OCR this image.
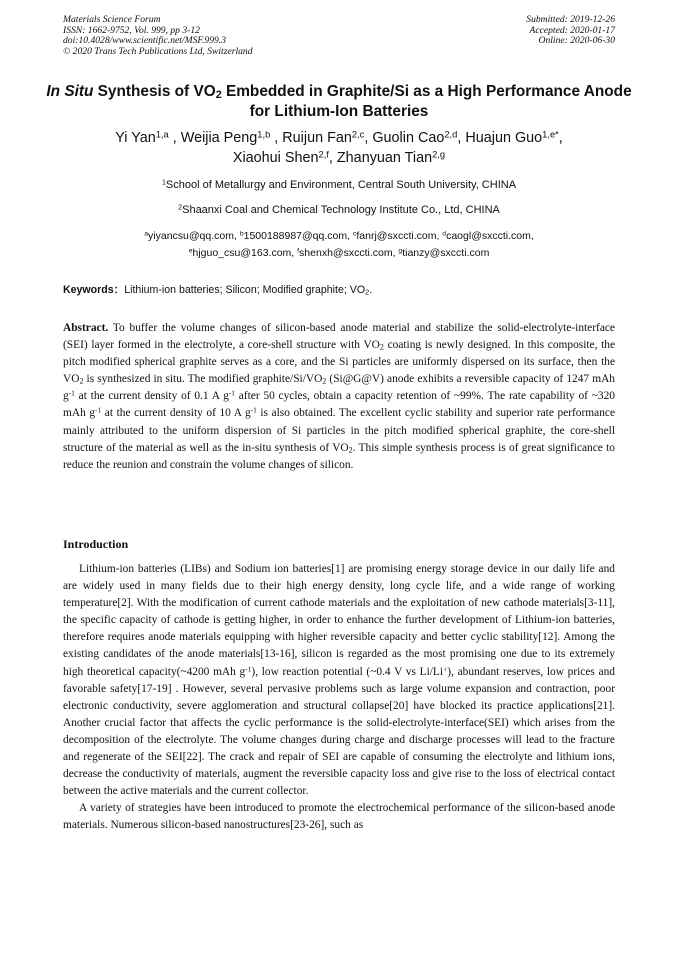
Materials Science Forum
ISSN: 1662-9752, Vol. 999, pp 3-12
doi:10.4028/www.scientific.net/MSF.999.3
© 2020 Trans Tech Publications Ltd, Switzerland
Submitted: 2019-12-26
Accepted: 2020-01-17
Online: 2020-06-30
In Situ Synthesis of $VO_2$ Embedded in Graphite/Si as a High Performance Anode for Lithium-Ion Batteries
Yi Yan$^{1,a}$ , Weijia Peng$^{1,b}$ , Ruijun Fan$^{2,c}$, Guolin Cao$^{2,d}$, Huajun Guo$^{1,e*}$,
Xiaohui Shen$^{2,f}$, Zhanyuan Tian$^{2,g}$
$^1$School of Metallurgy and Environment, Central South University, CHINA
$^2$Shaanxi Coal and Chemical Technology Institute Co., Ltd, CHINA
$^a$yiyancsu@qq.com, $^b$1500188987@qq.com, $^c$fanrj@sxccti.com, $^d$caogl@sxccti.com,
$^e$hjguo_csu@163.com, $^f$shenxh@sxccti.com, $^g$tianzy@sxccti.com
Keywords：Lithium-ion batteries; Silicon; Modified graphite; $VO_2$.
Abstract. To buffer the volume changes of silicon-based anode material and stabilize the solid-electrolyte-interface (SEI) layer formed in the electrolyte, a core-shell structure with $VO_2$ coating is newly designed. In this composite, the pitch modified spherical graphite serves as a core, and the Si particles are uniformly dispersed on its surface, then the $VO_2$ is synthesized in situ. The modified graphite/$Si/VO_2$ (Si@G@V) anode exhibits a reversible capacity of 1247 mAh $g^{-1}$ at the current density of 0.1 A $g^{-1}$ after 50 cycles, obtain a capacity retention of ~99%. The rate capability of ~320 mAh $g^{-1}$ at the current density of 10 A $g^{-1}$ is also obtained. The excellent cyclic stability and superior rate performance mainly attributed to the uniform dispersion of Si particles in the pitch modified spherical graphite, the core-shell structure of the material as well as the in-situ synthesis of $VO_2$. This simple synthesis process is of great significance to reduce the reunion and constrain the volume changes of silicon.
Introduction

Lithium-ion batteries (LIBs) and Sodium ion batteries[1] are promising energy storage device in our daily life and are widely used in many fields due to their high energy density, long cycle life, and a wide range of working temperature[2]. With the modification of current cathode materials and the exploitation of new cathode materials[3-11], the specific capacity of cathode is getting higher, in order to enhance the further development of Lithium-ion batteries, therefore requires anode materials equipping with higher reversible capacity and better cyclic stability[12]. Among the existing candidates of the anode materials[13-16], silicon is regarded as the most promising one due to its extremely high theoretical capacity(~4200 mAh $g^{-1}$), low reaction potential (~0.4 V vs Li/Li+), abundant reserves, low prices and favorable safety[17-19] . However, several pervasive problems such as large volume expansion and contraction, poor electronic conductivity, severe agglomeration and structural collapse[20] have blocked its practice applications[21]. Another crucial factor that affects the cyclic performance is the solid-electrolyte-interface(SEI) which arises from the decomposition of the electrolyte. The volume changes during charge and discharge processes will lead to the fracture and regenerate of the SEI[22]. The crack and repair of SEI are capable of consuming the electrolyte and lithium ions, decrease the conductivity of materials, augment the reversible capacity loss and give rise to the loss of electrical contact between the active materials and the current collector.

A variety of strategies have been introduced to promote the electrochemical performance of the silicon-based anode materials. Numerous silicon-based nanostructures[23-26], such as
